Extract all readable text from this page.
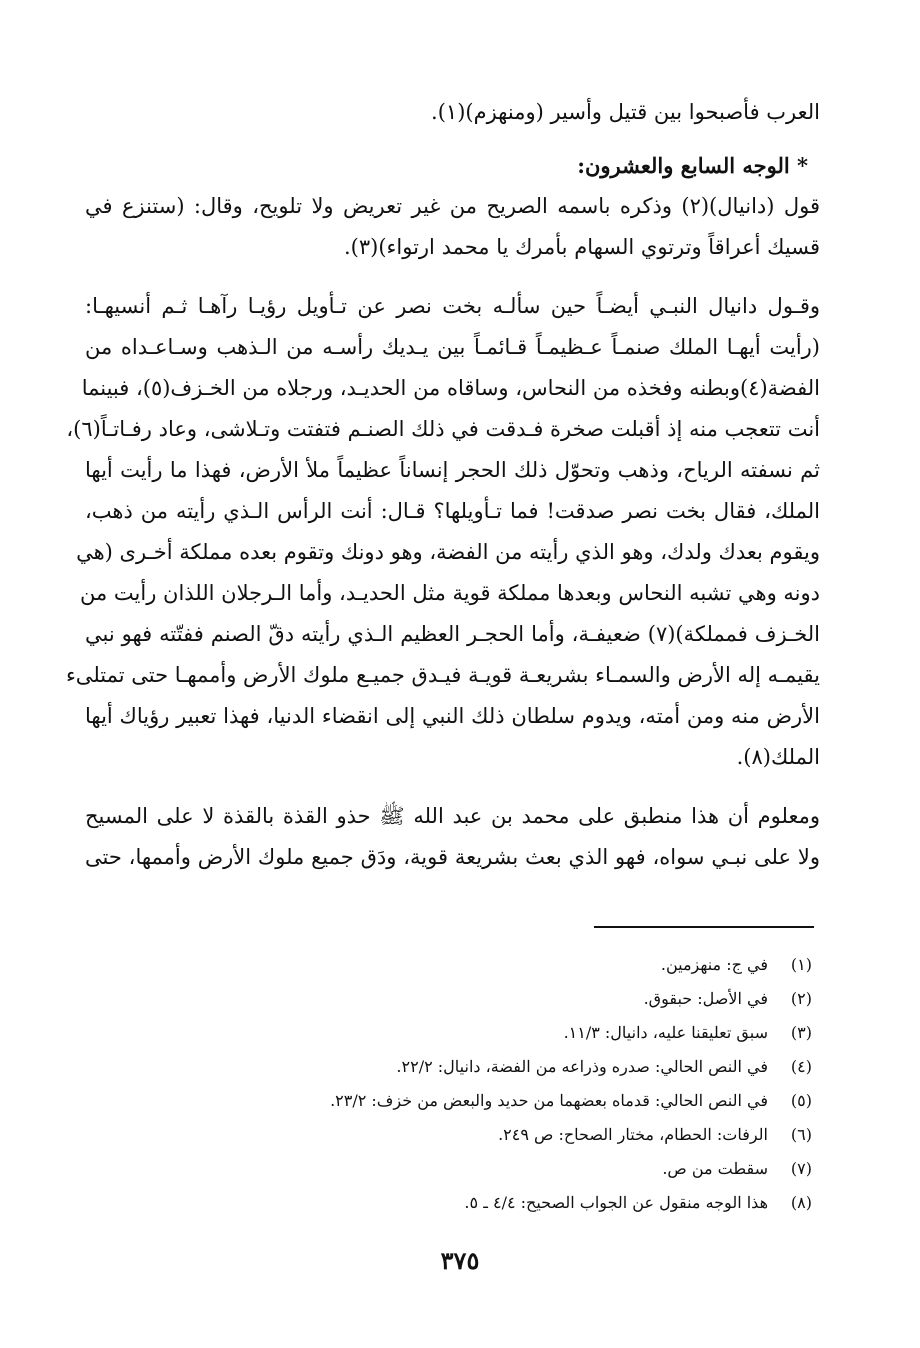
العرب فأصبحوا بين قتيل وأسير (ومنهزم)(١).
* الوجه السابع والعشرون:
قول (دانيال)(٢) وذكره باسمه الصريح من غير تعريض ولا تلويح، وقال: (ستنزع في
قسيك أعراقاً وترتوي السهام بأمرك يا محمد ارتواء)(٣).
وقـول دانيال النبـي أيضـاً حين سألـه بخت نصر عن تـأويل رؤيـا رآهـا ثـم أنسيهـا:
(رأيت أيهـا الملك صنمـاً عـظيمـاً قـائمـاً بين يـديك رأسـه من الـذهب وسـاعـداه من
الفضة(٤)وبطنه وفخذه من النحاس، وساقاه من الحديـد، ورجلاه من الخـزف(٥)، فبينما
أنت تتعجب منه إذ أقبلت صخرة فـدقت في ذلك الصنـم فتفتت وتـلاشى، وعاد رفـاتـاً(٦)،
ثم نسفته الرياح، وذهب وتحوّل ذلك الحجر إنساناً عظيماً ملأ الأرض، فهذا ما رأيت أيها
الملك، فقال بخت نصر صدقت! فما تـأويلها؟ قـال: أنت الرأس الـذي رأيته من ذهب،
ويقوم بعدك ولدك، وهو الذي رأيته من الفضة، وهو دونك وتقوم بعده مملكة أخـرى (هي
دونه وهي تشبه النحاس وبعدها مملكة قوية مثل الحديـد، وأما الـرجلان اللذان رأيت من
الخـزف فمملكة)(٧) ضعيفـة، وأما الحجـر العظيم الـذي رأيته دقّ الصنم ففتّته فهو نبي
يقيمـه إله الأرض والسمـاء بشريعـة قويـة فيـدق جميـع ملوك الأرض وأممهـا حتى تمتلىء
الأرض منه ومن أمته، ويدوم سلطان ذلك النبي إلى انقضاء الدنيا، فهذا تعبير رؤياك أيها
الملك(٨).
ومعلوم أن هذا منطبق على محمد بن عبد الله ﷺ حذو القذة بالقذة لا على المسيح
ولا على نبـي سواه، فهو الذي بعث بشريعة قوية، ودَق جميع ملوك الأرض وأممها، حتى
(١)في ج: منهزمين.
(٢)في الأصل: حبقوق.
(٣)سبق تعليقنا عليه، دانيال: ١١/٣.
(٤)في النص الحالي: صدره وذراعه من الفضة، دانيال: ٢٢/٢.
(٥)في النص الحالي: قدماه بعضهما من حديد والبعض من خزف: ٢٣/٢.
(٦)الرفات: الحطام، مختار الصحاح: ص ٢٤٩.
(٧)سقطت من ص.
(٨)هذا الوجه منقول عن الجواب الصحيح: ٤/٤ ـ ٥.
٣٧٥
